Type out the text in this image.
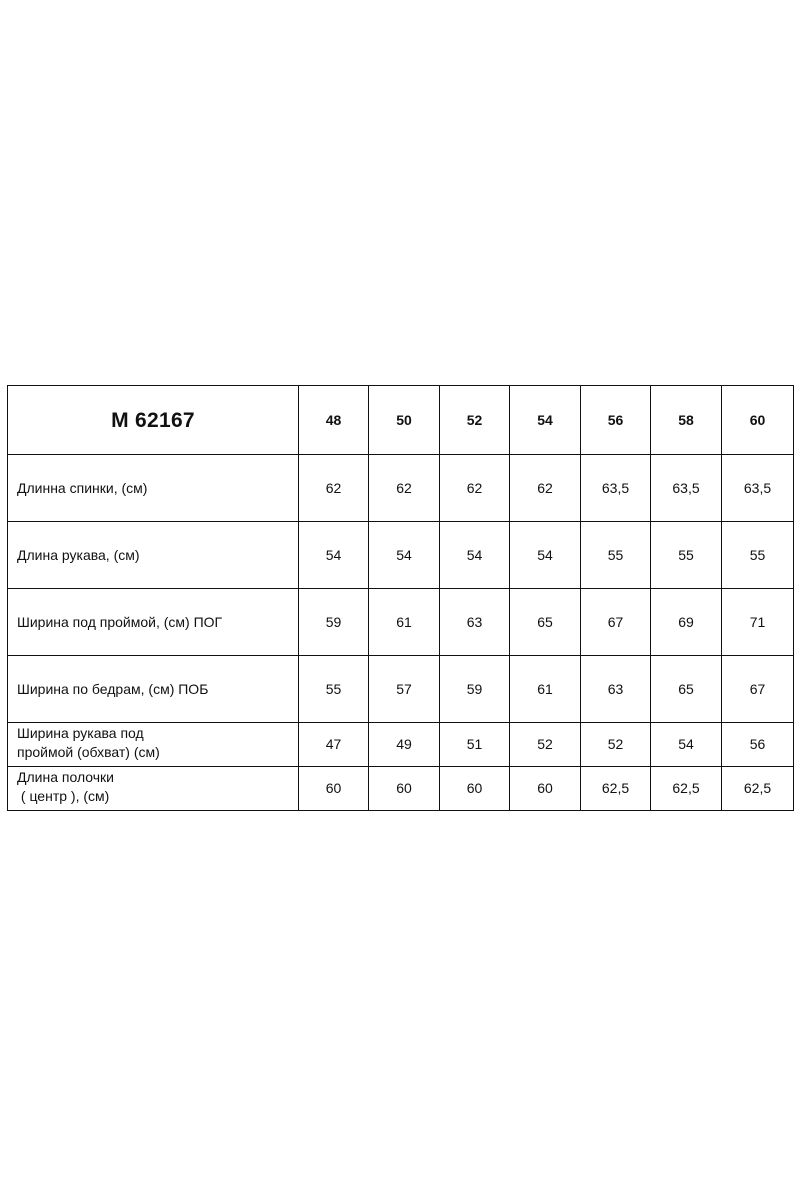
М 62167	48	50	52	54	56	58	60

Длинна спинки, (см)	62	62	62	62	63,5	63,5	63,5

Длина рукава, (см)	54	54	54	54	55	55	55

Ширина под проймой, (см) ПОГ	59	61	63	65	67	69	71

Ширина по бедрам, (см) ПОБ	55	57	59	61	63	65	67

Ширина рукава под
проймой (обхват) (см)	47	49	51	52	52	54	56

Длина полочки
( центр ), (см)	60	60	60	60	62,5	62,5	62,5
